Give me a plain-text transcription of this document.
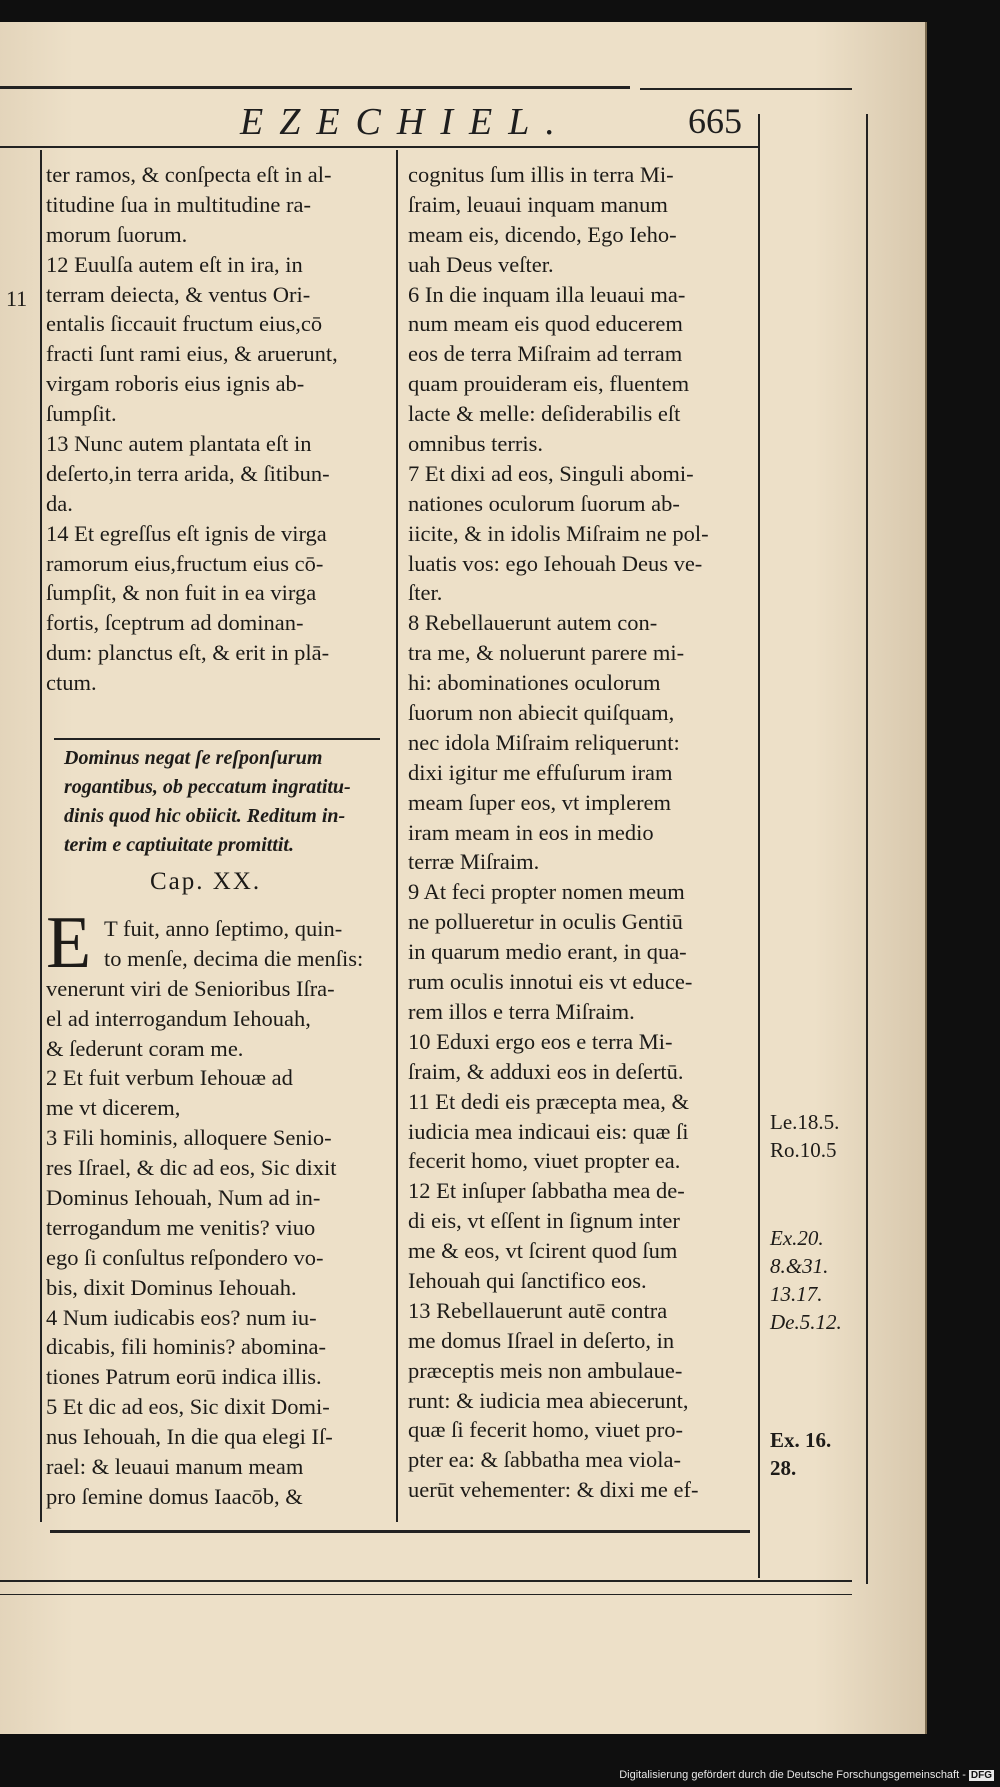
EZECHIEL.	665
11
ter ramos, & conſpecta eſt in al-
titudine ſua in multitudine ra-
morum ſuorum.
12 Euulſa autem eſt in ira, in
terram deiecta, & ventus Ori-
entalis ſiccauit fructum eius,cō
fracti ſunt rami eius, & aruerunt,
virgam roboris eius ignis ab-
ſumpſit.
13 Nunc autem plantata eſt in
deſerto,in terra arida, & ſitibun-
da.
14 Et egreſſus eſt ignis de virga
ramorum eius,fructum eius cō-
ſumpſit, & non fuit in ea virga
fortis, ſceptrum ad dominan-
dum: planctus eſt, & erit in plā-
ctum.
Dominus negat ſe reſponſurum
rogantibus, ob peccatum ingratitu-
dinis quod hic obiicit. Reditum in-
terim e captiuitate promittit.
Cap. XX.
E T fuit, anno ſeptimo, quin-
to menſe, decima die menſis:
venerunt viri de Senioribus Iſra-
el ad interrogandum Iehouah,
& ſederunt coram me.
2 Et fuit verbum Iehouæ ad
me vt dicerem,
3 Fili hominis, alloquere Senio-
res Iſrael, & dic ad eos, Sic dixit
Dominus Iehouah, Num ad in-
terrogandum me venitis? viuo
ego ſi conſultus reſpondero vo-
bis, dixit Dominus Iehouah.
4 Num iudicabis eos? num iu-
dicabis, fili hominis? abomina-
tiones Patrum eorū indica illis.
5 Et dic ad eos, Sic dixit Domi-
nus Iehouah, In die qua elegi Iſ-
rael: & leuaui manum meam
pro ſemine domus Iaacōb, &
cognitus ſum illis in terra Mi-
ſraim, leuaui inquam manum
meam eis, dicendo, Ego Ieho-
uah Deus veſter.
6 In die inquam illa leuaui ma-
num meam eis quod educerem
eos de terra Miſraim ad terram
quam prouideram eis, fluentem
lacte & melle: deſiderabilis eſt
omnibus terris.
7 Et dixi ad eos, Singuli abomi-
nationes oculorum ſuorum ab-
iicite, & in idolis Miſraim ne pol-
luatis vos: ego Iehouah Deus ve-
ſter.
8 Rebellauerunt autem con-
tra me, & noluerunt parere mi-
hi: abominationes oculorum
ſuorum non abiecit quiſquam,
nec idola Miſraim reliquerunt:
dixi igitur me effuſurum iram
meam ſuper eos, vt implerem
iram meam in eos in medio
terræ Miſraim.
9 At feci propter nomen meum
ne pollueretur in oculis Gentiū
in quarum medio erant, in qua-
rum oculis innotui eis vt educe-
rem illos e terra Miſraim.
10 Eduxi ergo eos e terra Mi-
ſraim, & adduxi eos in deſertū.
11 Et dedi eis præcepta mea, &
iudicia mea indicaui eis: quæ ſi
fecerit homo, viuet propter ea.
12 Et inſuper ſabbatha mea de-
di eis, vt eſſent in ſignum inter
me & eos, vt ſcirent quod ſum
Iehouah qui ſanctifico eos.
13 Rebellauerunt autē contra
me domus Iſrael in deſerto, in
præceptis meis non ambulaue-
runt: & iudicia mea abiecerunt,
quæ ſi fecerit homo, viuet pro-
pter ea: & ſabbatha mea viola-
uerūt vehementer: & dixi me ef-
Le.18.5.
Ro.10.5
Ex.20.
8.&31.
13.17.
De.5.12.
Ex. 16.
28.
Digitalisierung gefördert durch die Deutsche Forschungsgemeinschaft - DFG
